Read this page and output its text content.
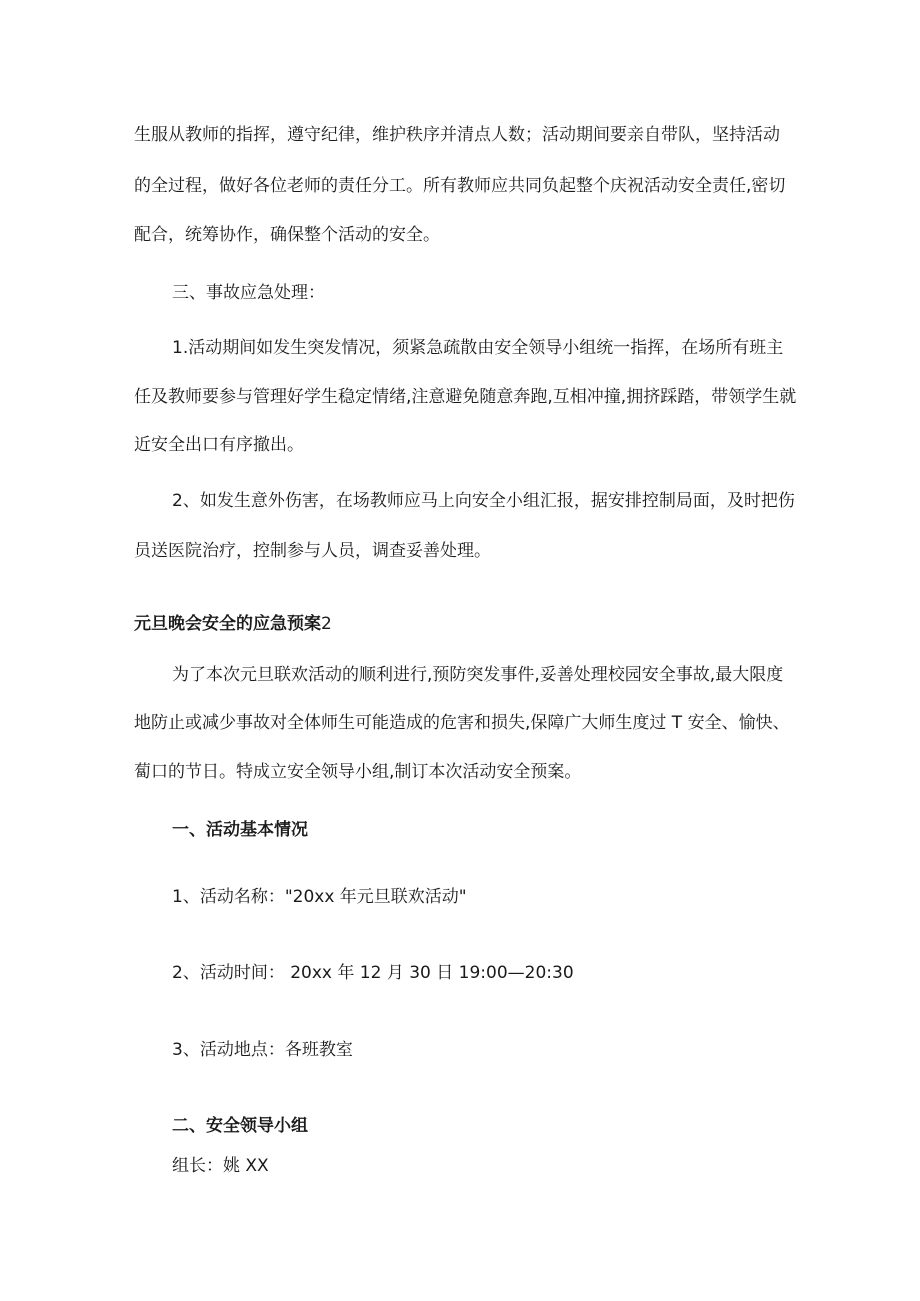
生服从教师的指挥，遵守纪律，维护秩序并清点人数；活动期间要亲自带队，坚持活动

的全过程，做好各位老师的责任分工。所有教师应共同负起整个庆祝活动安全责任,密切

配合，统筹协作，确保整个活动的安全。

三、事故应急处理：

1.活动期间如发生突发情况，须紧急疏散由安全领导小组统一指挥，在场所有班主

任及教师要参与管理好学生稳定情绪,注意避免随意奔跑,互相冲撞,拥挤踩踏，带领学生就

近安全出口有序撤出。

2、如发生意外伤害，在场教师应马上向安全小组汇报，据安排控制局面，及时把伤

员送医院治疗，控制参与人员，调查妥善处理。

元旦晚会安全的应急预案2

为了本次元旦联欢活动的顺利进行,预防突发事件,妥善处理校园安全事故,最大限度

地防止或减少事故对全体师生可能造成的危害和损失,保障广大师生度过 T 安全、愉快、

蔔口的节日。特成立安全领导小组,制订本次活动安全预案。

一、活动基本情况

1、活动名称："20xx 年元旦联欢活动"

2、活动时间： 20xx 年 12 月 30 日 19:00—20:30

3、活动地点：各班教室

二、安全领导小组

组长：姚 XX
